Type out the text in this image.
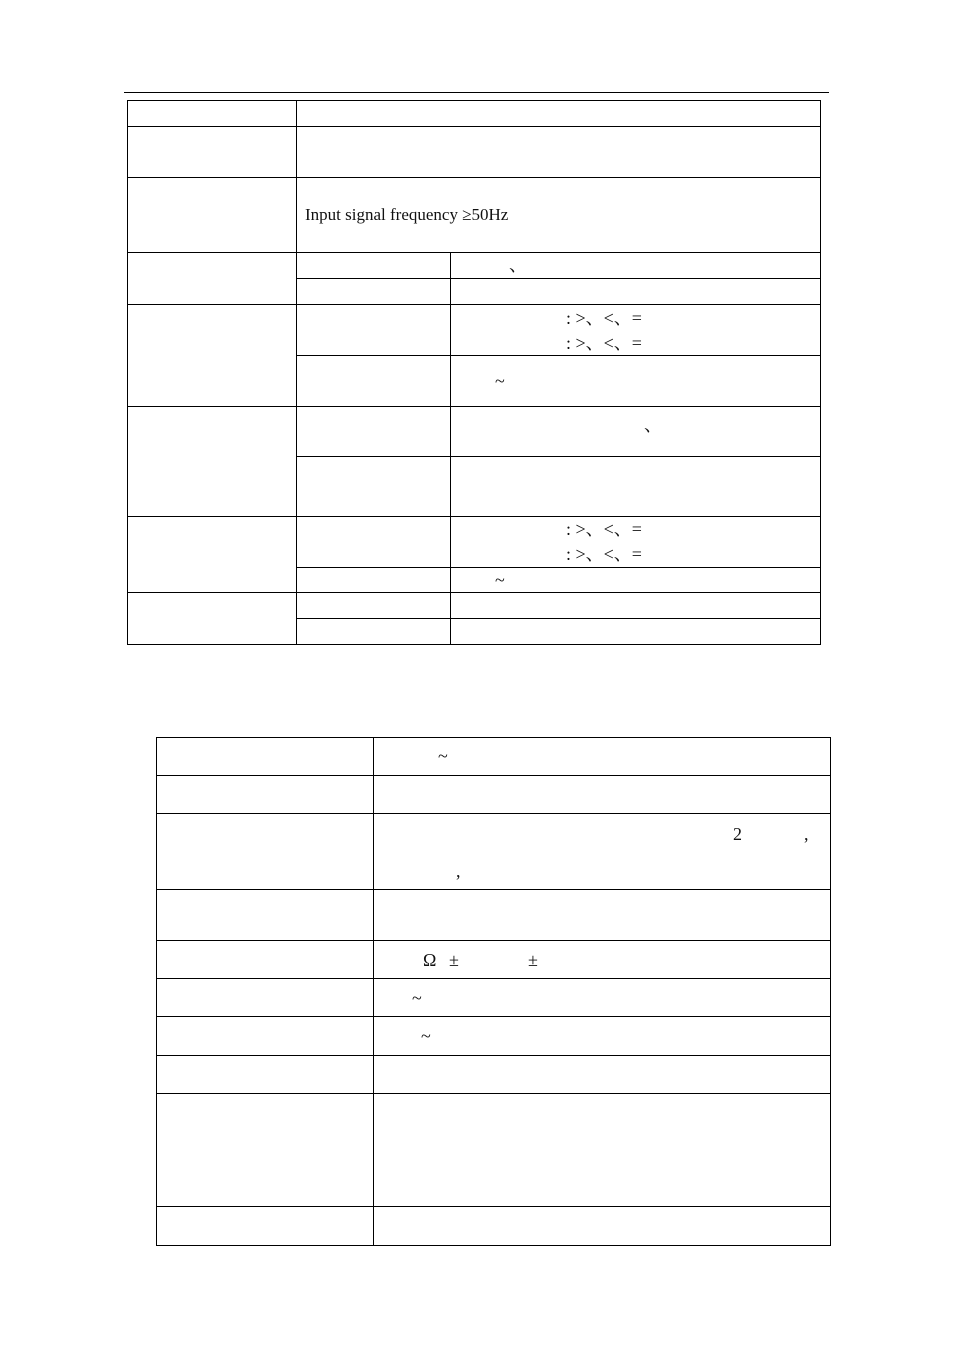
Input signal frequency ≥50Hz
、
: >、<、=
: >、<、=
~
、
: >、<、=
: >、<、=
~
~
2	,
,
Ω ±	±
~
~
